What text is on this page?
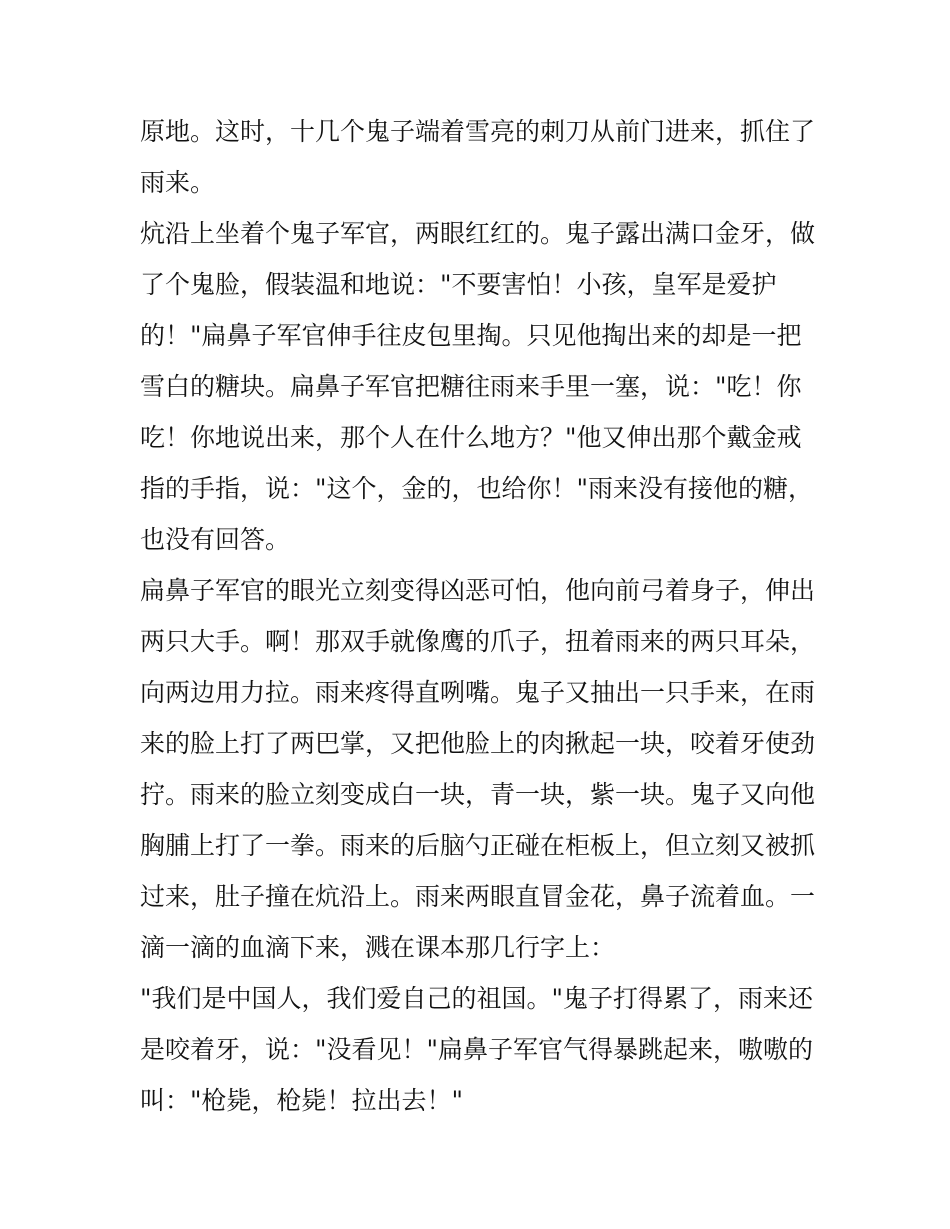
原地。这时，十几个鬼子端着雪亮的刺刀从前门进来，抓住了
雨来。
炕沿上坐着个鬼子军官，两眼红红的。鬼子露出满口金牙，做
了个鬼脸，假装温和地说："不要害怕！小孩，皇军是爱护
的！"扁鼻子军官伸手往皮包里掏。只见他掏出来的却是一把
雪白的糖块。扁鼻子军官把糖往雨来手里一塞，说："吃！你
吃！你地说出来，那个人在什么地方？"他又伸出那个戴金戒
指的手指，说："这个，金的，也给你！"雨来没有接他的糖，
也没有回答。
扁鼻子军官的眼光立刻变得凶恶可怕，他向前弓着身子，伸出
两只大手。啊！那双手就像鹰的爪子，扭着雨来的两只耳朵，
向两边用力拉。雨来疼得直咧嘴。鬼子又抽出一只手来，在雨
来的脸上打了两巴掌，又把他脸上的肉揪起一块，咬着牙使劲
拧。雨来的脸立刻变成白一块，青一块，紫一块。鬼子又向他
胸脯上打了一拳。雨来的后脑勺正碰在柜板上，但立刻又被抓
过来，肚子撞在炕沿上。雨来两眼直冒金花，鼻子流着血。一
滴一滴的血滴下来，溅在课本那几行字上：
"我们是中国人，我们爱自己的祖国。"鬼子打得累了，雨来还
是咬着牙，说："没看见！"扁鼻子军官气得暴跳起来，嗷嗷的
叫："枪毙，枪毙！拉出去！"
